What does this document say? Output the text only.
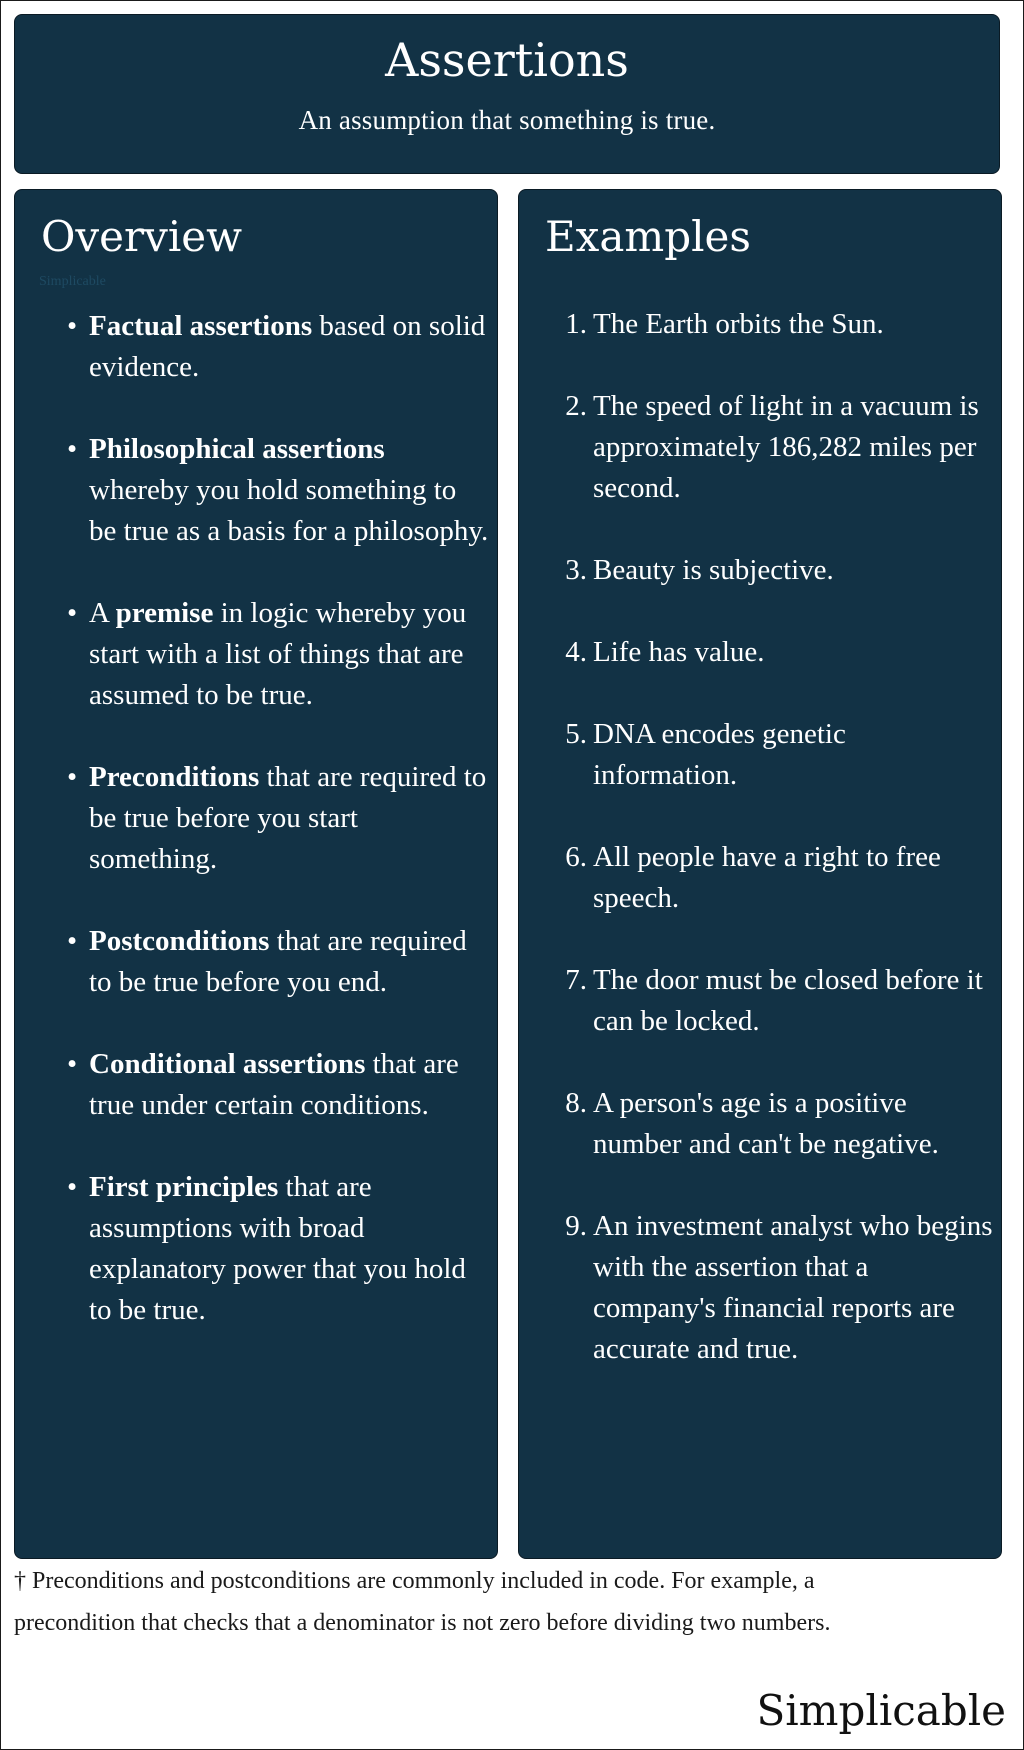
Assertions
An assumption that something is true.
Overview
Simplicable
• Factual assertions based on solid evidence.
• Philosophical assertions whereby you hold something to be true as a basis for a philosophy.
• A premise in logic whereby you start with a list of things that are assumed to be true.
• Preconditions that are required to be true before you start something.
• Postconditions that are required to be true before you end.
• Conditional assertions that are true under certain conditions.
• First principles that are assumptions with broad explanatory power that you hold to be true.
Examples
1. The Earth orbits the Sun.
2. The speed of light in a vacuum is approximately 186,282 miles per second.
3. Beauty is subjective.
4. Life has value.
5. DNA encodes genetic information.
6. All people have a right to free speech.
7. The door must be closed before it can be locked.
8. A person's age is a positive number and can't be negative.
9. An investment analyst who begins with the assertion that a company's financial reports are accurate and true.
† Preconditions and postconditions are commonly included in code. For example, a precondition that checks that a denominator is not zero before dividing two numbers.
Simplicable
